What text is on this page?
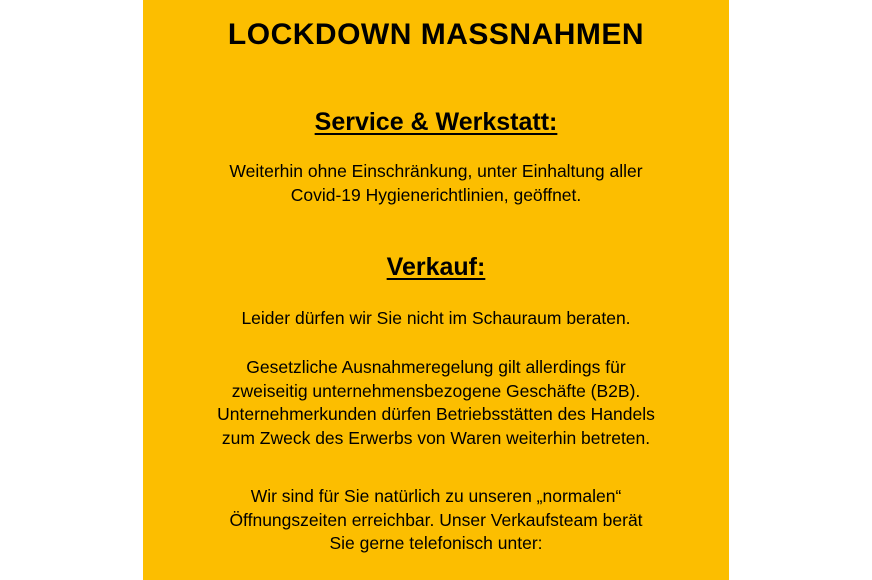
LOCKDOWN MASSNAHMEN
Service & Werkstatt:
Weiterhin ohne Einschränkung, unter Einhaltung aller
Covid-19 Hygienerichtlinien, geöffnet.
Verkauf:
Leider dürfen wir Sie nicht im Schauraum beraten.
Gesetzliche Ausnahmeregelung gilt allerdings für
zweiseitig unternehmensbezogene Geschäfte (B2B).
Unternehmerkunden dürfen Betriebsstätten des Handels
zum Zweck des Erwerbs von Waren weiterhin betreten.
Wir sind für Sie natürlich zu unseren „normalen“
Öffnungszeiten erreichbar. Unser Verkaufsteam berät
Sie gerne telefonisch unter:
